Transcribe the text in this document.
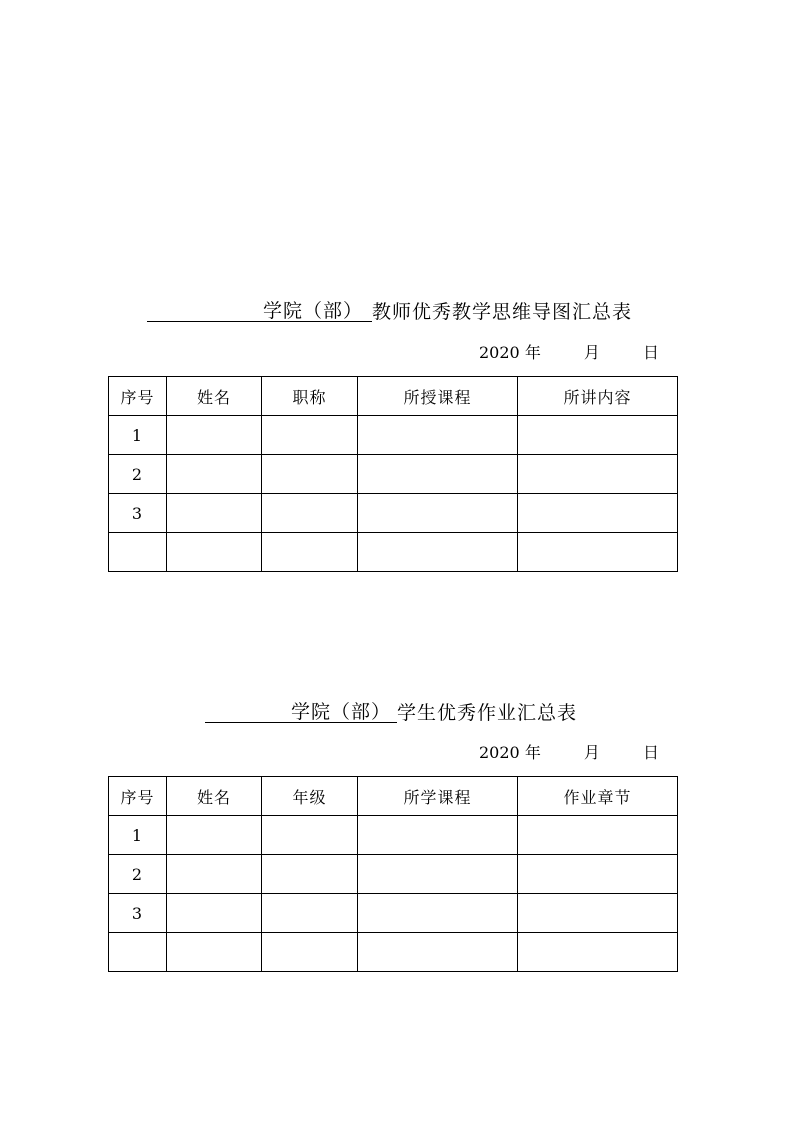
学院（部） 教师优秀教学思维导图汇总表
2020 年	月	日
序号	姓名	职称	所授课程	所讲内容
1				
2				
3				

学院（部） 学生优秀作业汇总表
2020 年	月	日
序号	姓名	年级	所学课程	作业章节
1				
2				
3				
